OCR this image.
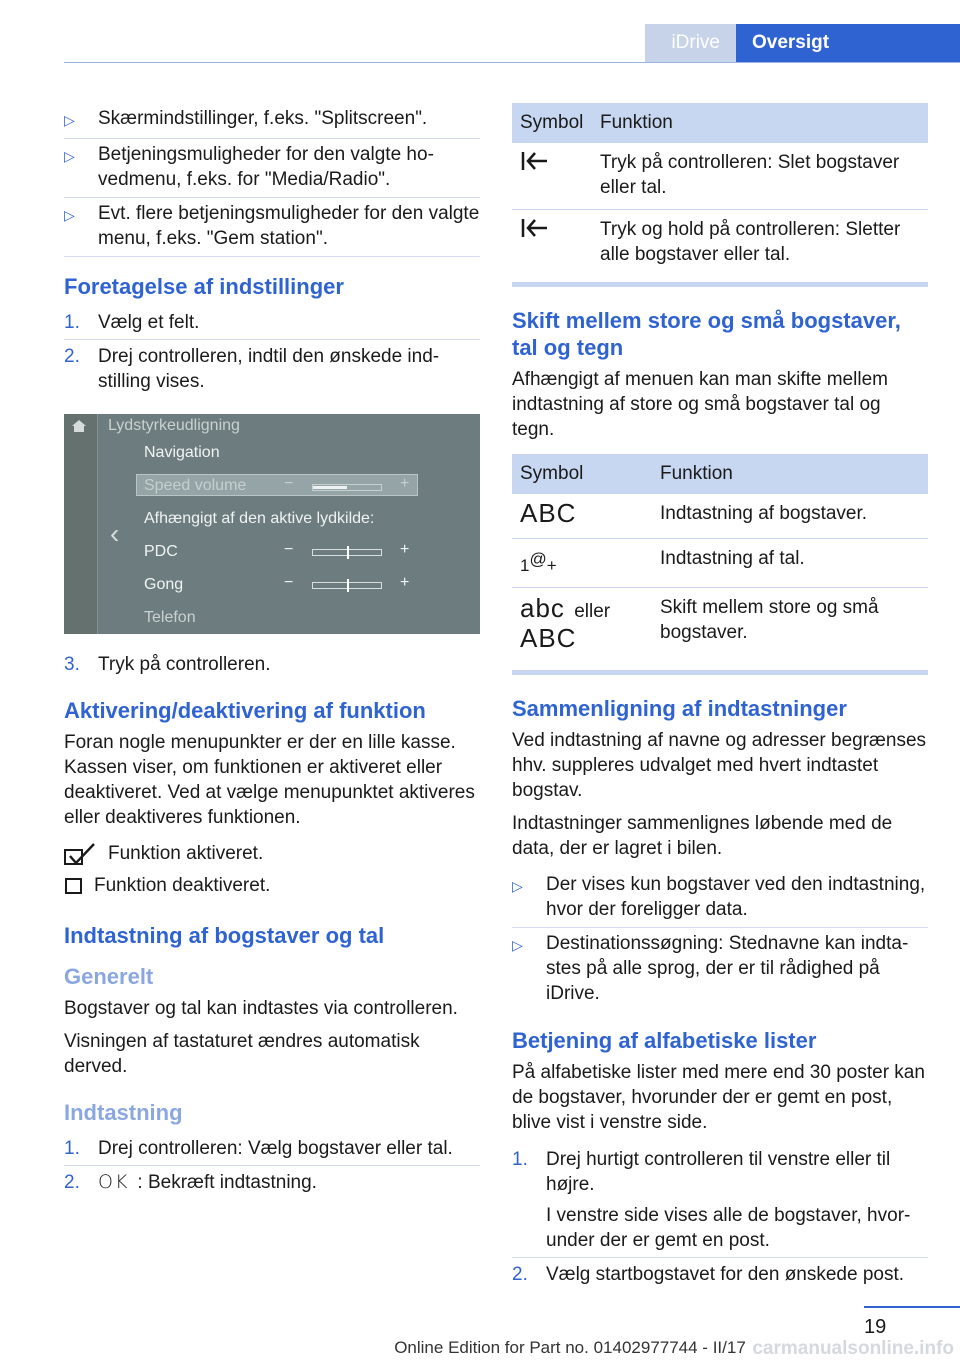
iDrive	Oversigt
▷	Skærmindstillinger, f.eks. "Splitscreen".
▷	Betjeningsmuligheder for den valgte hovedmenu, f.eks. for "Media/Radio".
▷	Evt. flere betjeningsmuligheder for den valgte menu, f.eks. "Gem station".
Foretagelse af indstillinger
1. Vælg et felt.
2. Drej controlleren, indtil den ønskede indstilling vises.
Lydstyrkeudligning
Navigation
Speed volume −	+
Afhængigt af den aktive lydkilde:
‹
PDC	−	+
Gong	−	+
Telefon
3. Tryk på controlleren.
Aktivering/deaktivering af funktion
Foran nogle menupunkter er der en lille kasse. Kassen viser, om funktionen er aktiveret eller deaktiveret. Ved at vælge menupunktet aktiveres eller deaktiveres funktionen.
Funktion aktiveret.
Funktion deaktiveret.
Indtastning af bogstaver og tal
Generelt
Bogstaver og tal kan indtastes via controlleren.
Visningen af tastaturet ændres automatisk derved.
Indtastning
1. Drej controlleren: Vælg bogstaver eller tal.
2. OK : Bekræft indtastning.
Symbol	Funktion
	Tryk på controlleren: Slet bogstaver eller tal.
	Tryk og hold på controlleren: Sletter alle bogstaver eller tal.
Skift mellem store og små bogstaver, tal og tegn
Afhængigt af menuen kan man skifte mellem indtastning af store og små bogstaver tal og tegn.
Symbol	Funktion
ABC	Indtastning af bogstaver.
1@+	Indtastning af tal.
abc eller
ABC	Skift mellem store og små bogstaver.
Sammenligning af indtastninger
Ved indtastning af navne og adresser begrænses hhv. suppleres udvalget med hvert indtastet bogstav.
Indtastninger sammenlignes løbende med de data, der er lagret i bilen.
▷	Der vises kun bogstaver ved den indtastning, hvor der foreligger data.
▷	Destinationssøgning: Stednavne kan indtastes på alle sprog, der er til rådighed på iDrive.
Betjening af alfabetiske lister
På alfabetiske lister med mere end 30 poster kan de bogstaver, hvorunder der er gemt en post, blive vist i venstre side.
1. Drej hurtigt controlleren til venstre eller til højre.

I venstre side vises alle de bogstaver, hvorunder der er gemt en post.
2. Vælg startbogstavet for den ønskede post.
19
Online Edition for Part no. 01402977744 - II/17 carmanualsonline.info
